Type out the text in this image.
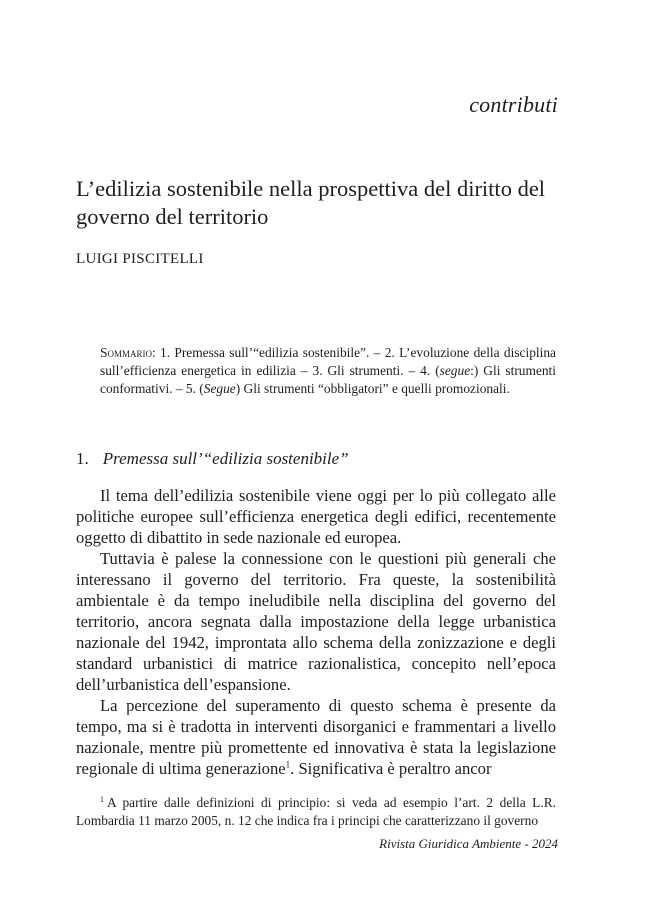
contributi
L’edilizia sostenibile nella prospettiva del diritto del governo del territorio
LUIGI PISCITELLI

Sommario: 1. Premessa sull’“edilizia sostenibile”. – 2. L’evoluzione della disciplina sull’efficienza energetica in edilizia – 3. Gli strumenti. – 4. (segue:) Gli strumenti conformativi. – 5. (Segue) Gli strumenti “obbligatori” e quelli promozionali.

1. Premessa sull’“edilizia sostenibile”

Il tema dell’edilizia sostenibile viene oggi per lo più collegato alle politiche europee sull’efficienza energetica degli edifici, recentemente oggetto di dibattito in sede nazionale ed europea.

Tuttavia è palese la connessione con le questioni più generali che interessano il governo del territorio. Fra queste, la sostenibilità ambientale è da tempo ineludibile nella disciplina del governo del territorio, ancora segnata dalla impostazione della legge urbanistica nazionale del 1942, improntata allo schema della zonizzazione e degli standard urbanistici di matrice razionalistica, concepito nell’epoca dell’urbanistica dell’espansione.

La percezione del superamento di questo schema è presente da tempo, ma si è tradotta in interventi disorganici e frammentari a livello nazionale, mentre più promettente ed innovativa è stata la legislazione regionale di ultima generazione$^1$. Significativa è peraltro ancor

$^1$ A partire dalle definizioni di principio: si veda ad esempio l’art. 2 della L.R. Lombardia 11 marzo 2005, n. 12 che indica fra i principi che caratterizzano il governo

Rivista Giuridica Ambiente - 2024
